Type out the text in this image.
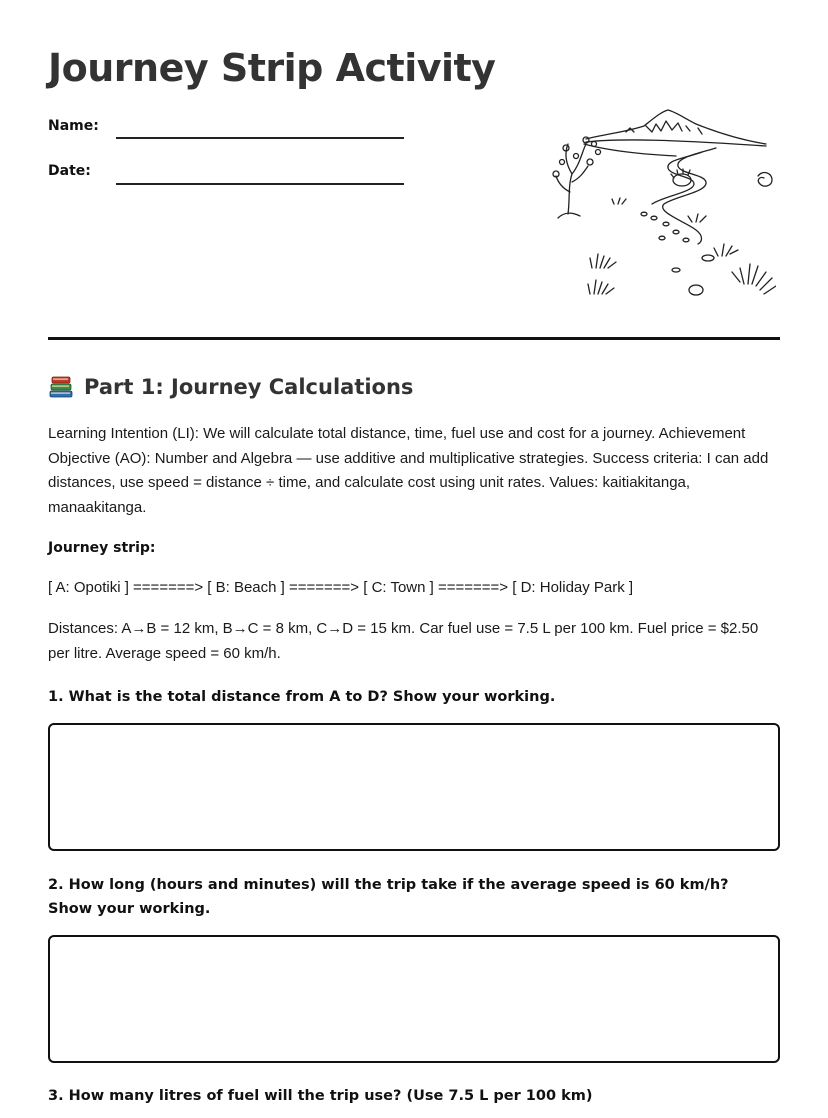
Journey Strip Activity
Name:
Date:
Part 1: Journey Calculations

Learning Intention (LI): We will calculate total distance, time, fuel use and cost for a journey. Achievement Objective (AO): Number and Algebra — use additive and multiplicative strategies. Success criteria: I can add distances, use speed = distance ÷ time, and calculate cost using unit rates. Values: kaitiakitanga, manaakitanga.

Journey strip:

[ A: Opotiki ] =======> [ B: Beach ] =======> [ C: Town ] =======> [ D: Holiday Park ]

Distances: A→B = 12 km, B→C = 8 km, C→D = 15 km. Car fuel use = 7.5 L per 100 km. Fuel price = $2.50 per litre. Average speed = 60 km/h.

1. What is the total distance from A to D? Show your working.

2. How long (hours and minutes) will the trip take if the average speed is 60 km/h? Show your working.

3. How many litres of fuel will the trip use? (Use 7.5 L per 100 km)
